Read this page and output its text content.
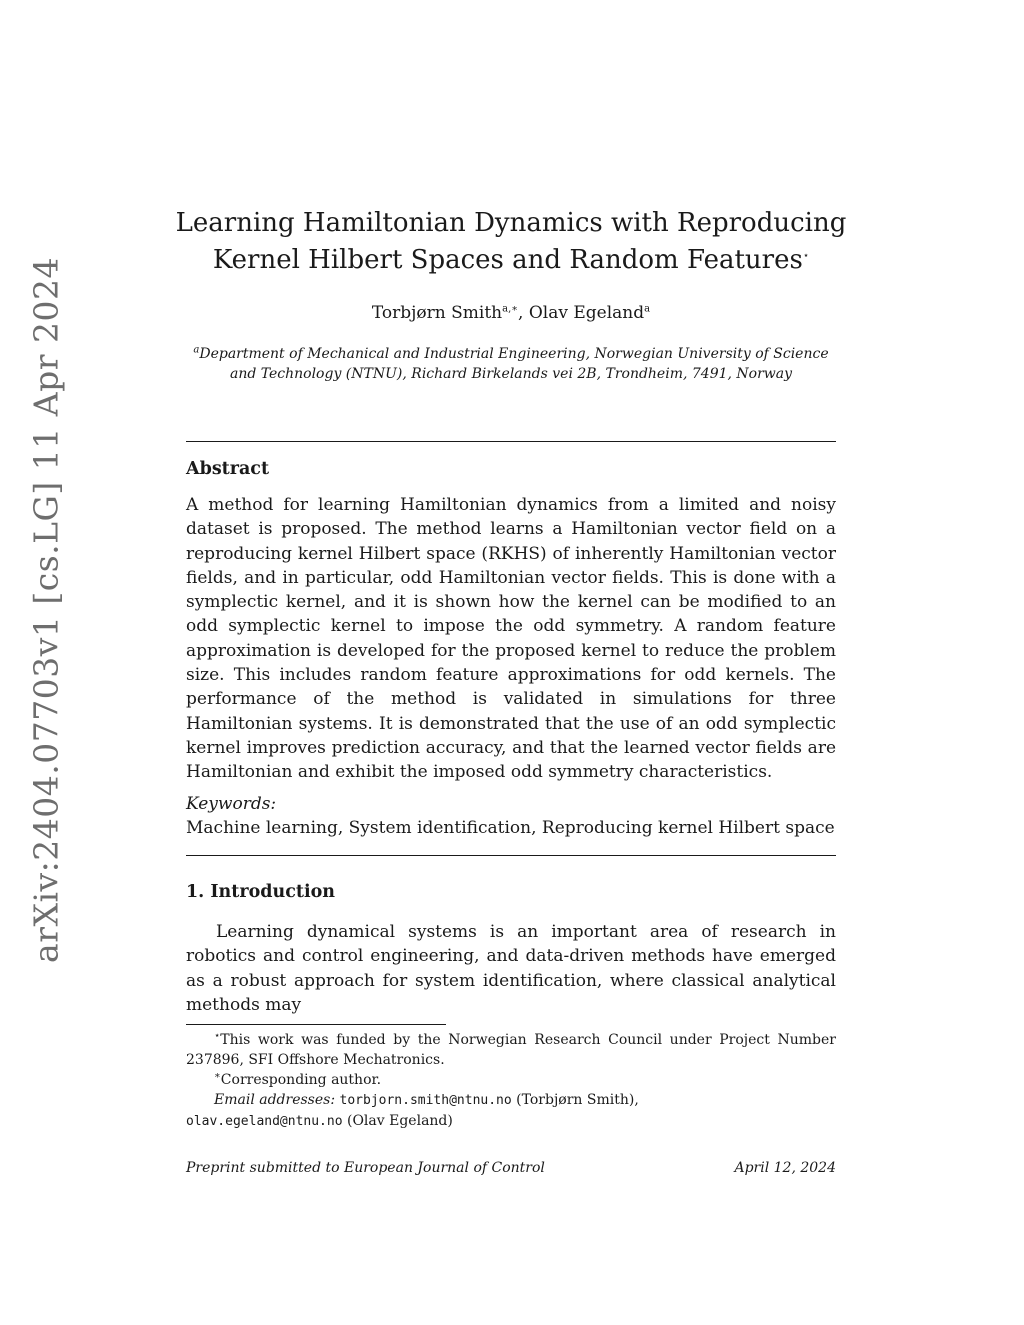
arXiv:2404.07703v1 [cs.LG] 11 Apr 2024
Learning Hamiltonian Dynamics with Reproducing
Kernel Hilbert Spaces and Random Features⋆
Torbjørn Smith$^{a,∗}$, Olav Egeland$^a$
$^a$Department of Mechanical and Industrial Engineering, Norwegian University of Science
and Technology (NTNU), Richard Birkelands vei 2B, Trondheim, 7491, Norway
Abstract
A method for learning Hamiltonian dynamics from a limited and noisy dataset is proposed. The method learns a Hamiltonian vector field on a reproducing kernel Hilbert space (RKHS) of inherently Hamiltonian vector fields, and in particular, odd Hamiltonian vector fields. This is done with a symplectic kernel, and it is shown how the kernel can be modified to an odd symplectic kernel to impose the odd symmetry. A random feature approximation is developed for the proposed kernel to reduce the problem size. This includes random feature approximations for odd kernels. The performance of the method is validated in simulations for three Hamiltonian systems. It is demonstrated that the use of an odd symplectic kernel improves prediction accuracy, and that the learned vector fields are Hamiltonian and exhibit the imposed odd symmetry characteristics.
Keywords:
Machine learning, System identification, Reproducing kernel Hilbert space
1. Introduction
Learning dynamical systems is an important area of research in robotics and control engineering, and data-driven methods have emerged as a robust approach for system identification, where classical analytical methods may
⋆This work was funded by the Norwegian Research Council under Project Number 237896, SFI Offshore Mechatronics.
∗Corresponding author.
Email addresses: torbjorn.smith@ntnu.no (Torbjørn Smith),
olav.egeland@ntnu.no (Olav Egeland)
Preprint submitted to European Journal of Control	April 12, 2024
